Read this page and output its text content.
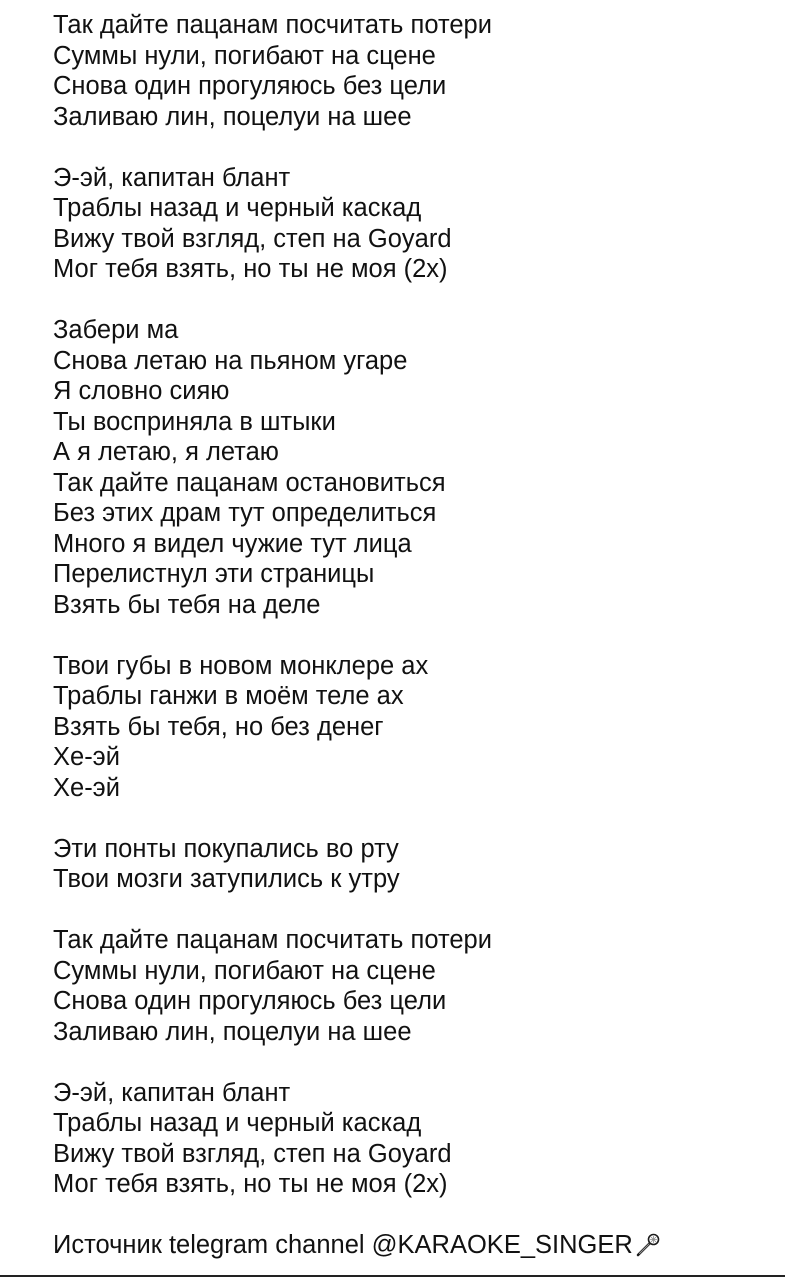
Так дайте пацанам посчитать потери
Суммы нули, погибают на сцене
Снова один прогуляюсь без цели
Заливаю лин, поцелуи на шее
Э-эй, капитан блант
Траблы назад и черный каскад
Вижу твой взгляд, степ на Goyard
Мог тебя взять, но ты не моя (2x)
Забери ма
Снова летаю на пьяном угаре
Я словно сияю
Ты восприняла в штыки
А я летаю, я летаю
Так дайте пацанам остановиться
Без этих драм тут определиться
Много я видел чужие тут лица
Перелистнул эти страницы
Взять бы тебя на деле
Твои губы в новом монклере ах
Траблы ганжи в моём теле ах
Взять бы тебя, но без денег
Хе-эй
Хе-эй
Эти понты покупались во рту
Твои мозги затупились к утру
Так дайте пацанам посчитать потери
Суммы нули, погибают на сцене
Снова один прогуляюсь без цели
Заливаю лин, поцелуи на шее
Э-эй, капитан блант
Траблы назад и черный каскад
Вижу твой взгляд, степ на Goyard
Мог тебя взять, но ты не моя (2x)
Источник telegram channel @KARAOKE_SINGER
